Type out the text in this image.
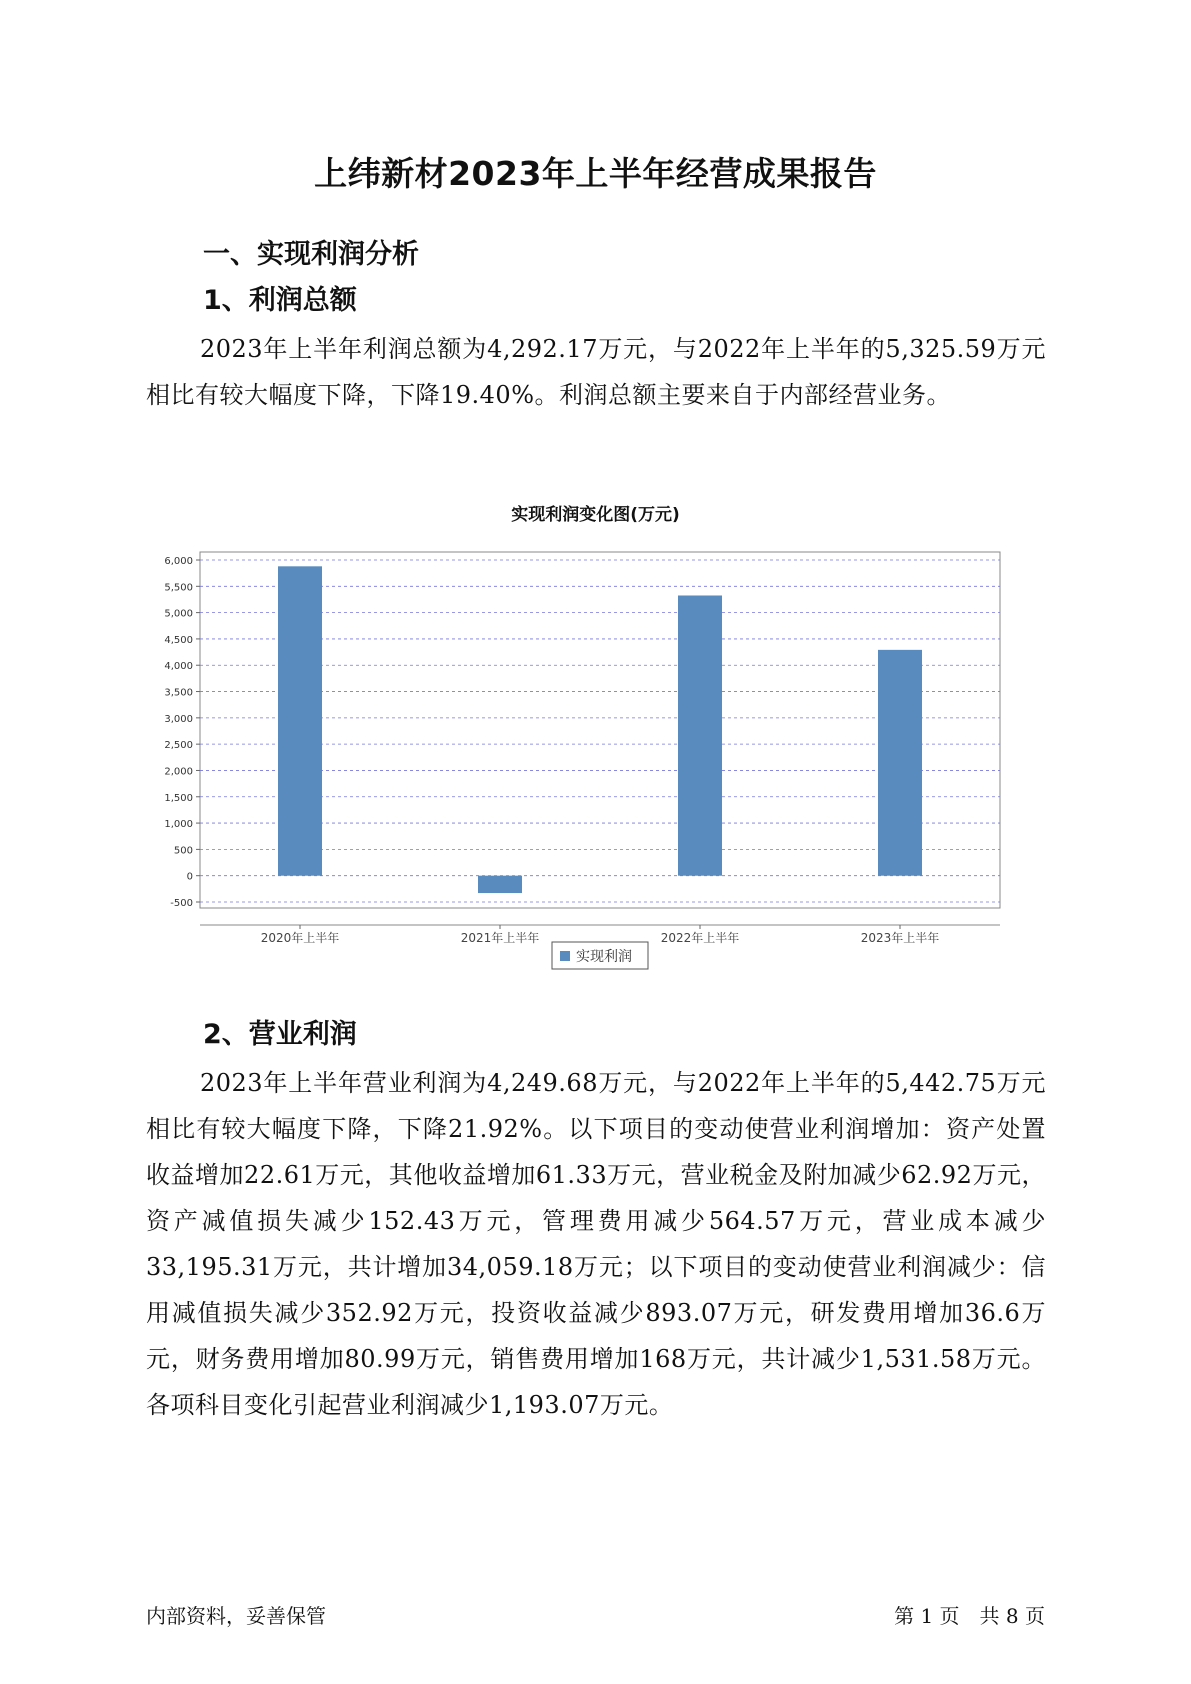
上纬新材2023年上半年经营成果报告
一、实现利润分析
1、利润总额

2023年上半年利润总额为4,292.17万元，与2022年上半年的5,325.59万元相比有较大幅度下降，下降19.40%。利润总额主要来自于内部经营业务。

实现利润变化图(万元)
-500
0
500
1,000
1,500
2,000
2,500
3,000
3,500
4,000
4,500
5,000
5,500
6,000
2020年上半年	2021年上半年	2022年上半年	2023年上半年
实现利润
2、营业利润

2023年上半年营业利润为4,249.68万元，与2022年上半年的5,442.75万元相比有较大幅度下降，下降21.92%。以下项目的变动使营业利润增加：资产处置收益增加22.61万元，其他收益增加61.33万元，营业税金及附加减少62.92万元，资产减值损失减少152.43万元，管理费用减少564.57万元，营业成本减少33,195.31万元，共计增加34,059.18万元；以下项目的变动使营业利润减少：信用减值损失减少352.92万元，投资收益减少893.07万元，研发费用增加36.6万元，财务费用增加80.99万元，销售费用增加168万元，共计减少1,531.58万元。各项科目变化引起营业利润减少1,193.07万元。

内部资料，妥善保管	第 1 页　共 8 页
